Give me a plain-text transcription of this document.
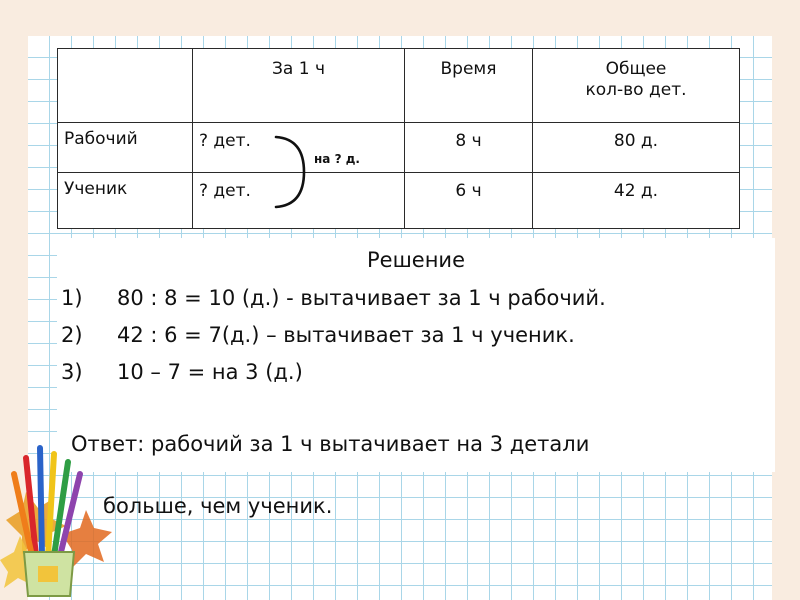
	За 1 ч	Время	Общее
кол-во дет.

Рабочий	? дет.	8 ч	80 д.
Ученик	? дет.	6 ч	42 д.
на ? д.
Решение
1) 80 : 8 = 10 (д.) - вытачивает за 1 ч рабочий.
2) 42 : 6 = 7(д.) – вытачивает за 1 ч ученик.
3) 10 – 7 = на 3 (д.)

Ответ: рабочий за 1 ч вытачивает на 3 детали

больше, чем ученик.
